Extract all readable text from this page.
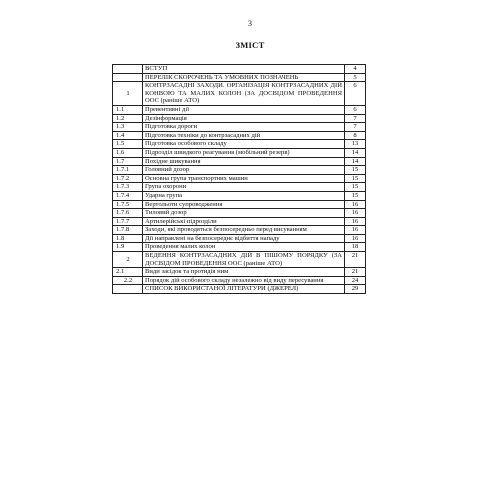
3
ЗМІСТ
	ВСТУП	4
	ПЕРЕЛІК СКОРОЧЕНЬ ТА УМОВНИХ ПОЗНАЧЕНЬ	5
1	КОНТРЗАСАДНІ ЗАХОДИ. ОРГАНІЗАЦІЯ КОНТРЗАСАДНИХ ДІЙ КОНВОЮ ТА МАЛИХ КОЛОН (ЗА ДОСВІДОМ ПРОВЕДЕННЯ ООС (раніше АТО)	6
1.1	Превентивні дії	6
1.2	Дезінформація	7
1.3	Підготовка дороги	7
1.4	Підготовка техніки до контрзасадних дій	8
1.5	Підготовка особового складу	13
1.6	Підрозділ швидкого реагування (мобільний резерв)	14
1.7	Похідне шикування	14
1.7.1	Головний дозор	15
1.7.2	Основна група транспортних машин	15
1.7.3	Група охорони	15
1.7.4	Ударна група	15
1.7.5	Вертольоти супроводження	16
1.7.6	Тиловий дозор	16
1.7.7	Артилерійські підрозділи	16
1.7.8	Заходи, які проводяться безпосередньо перед висуванням	16
1.8	Дії направлені на безпосереднє відбиття нападу	16
1.9	Проведення малих колон	18
2	ВЕДЕННЯ КОНТРЗАСАДНИХ ДІЙ В ПІШОМУ ПОРЯДКУ (ЗА ДОСВІДОМ ПРОВЕДЕННЯ ООС (раніше АТО)	21
2.1	Види засідок та протидія ним	21
2.2	Порядок дій особового складу незалежно від виду пересування	24
	СПИСОК ВИКОРИСТАНОЇ ЛІТЕРАТУРИ (ДЖЕРЕЛ)	29
